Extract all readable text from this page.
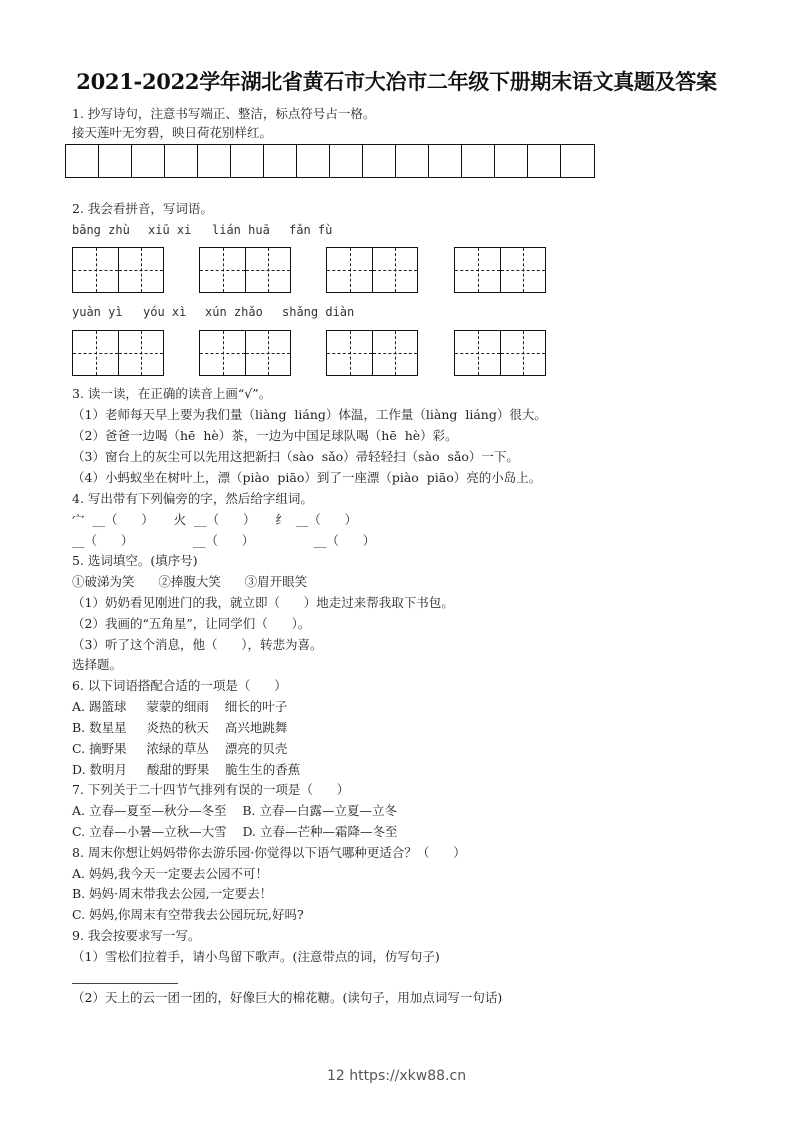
2021-2022学年湖北省黄石市大冶市二年级下册期末语文真题及答案
1. 抄写诗句，注意书写端正、整洁，标点符号占一格。
接天莲叶无穷碧，映日荷花别样红。
2. 我会看拼音，写词语。
bāng zhù xiū xi lián huā fǎn fù
yuàn yì yóu xì xún zhǎo shǎng diàn
3. 读一读，在正确的读音上画“√”。
（1）老师每天早上要为我们量（liàng  liáng）体温，工作量（liàng  liáng）很大。
（2）爸爸一边喝（hē  hè）茶，一边为中国足球队喝（hē  hè）彩。
（3）窗台上的灰尘可以先用这把新扫（sào  sǎo）帚轻轻扫（sào  sǎo）一下。
（4）小蚂蚁坐在树叶上，漂（piào  piāo）到了一座漂（piào  piāo）亮的小岛上。
4. 写出带有下列偏旁的字，然后给字组词。
宀  __（      ）     火  __（      ）     纟  __（      ）
__（      ）               __（      ）               __（      ）
5. 选词填空。(填序号)
①破涕为笑      ②捧腹大笑      ③眉开眼笑
（1）奶奶看见刚进门的我，就立即（      ）地走过来帮我取下书包。
（2）我画的“五角星”，让同学们（      ）。
（3）听了这个消息，他（      ），转悲为喜。
选择题。
6. 以下词语搭配合适的一项是（      ）
A. 踢篮球     蒙蒙的细雨    细长的叶子
B. 数星星     炎热的秋天    高兴地跳舞
C. 摘野果     浓绿的草丛    漂亮的贝壳
D. 数明月     酸甜的野果    脆生生的香蕉
7. 下列关于二十四节气排列有误的一项是（      ）
A. 立春—夏至—秋分—冬至    B. 立春—白露—立夏—立冬
C. 立春—小暑—立秋—大雪    D. 立春—芒种—霜降—冬至
8. 周末你想让妈妈带你去游乐园·你觉得以下语气哪种更适合？（      ）
A. 妈妈,我今天一定要去公园不可！
B. 妈妈·周末带我去公园,一定要去！
C. 妈妈,你周末有空带我去公园玩玩,好吗?
9. 我会按要求写一写。
（1）雪松们拉着手，请小鸟留下歌声。(注意带点的词，仿写句子)
（2）天上的云一团一团的，好像巨大的棉花糖。(读句子，用加点词写一句话)
12 https://xkw88.cn
